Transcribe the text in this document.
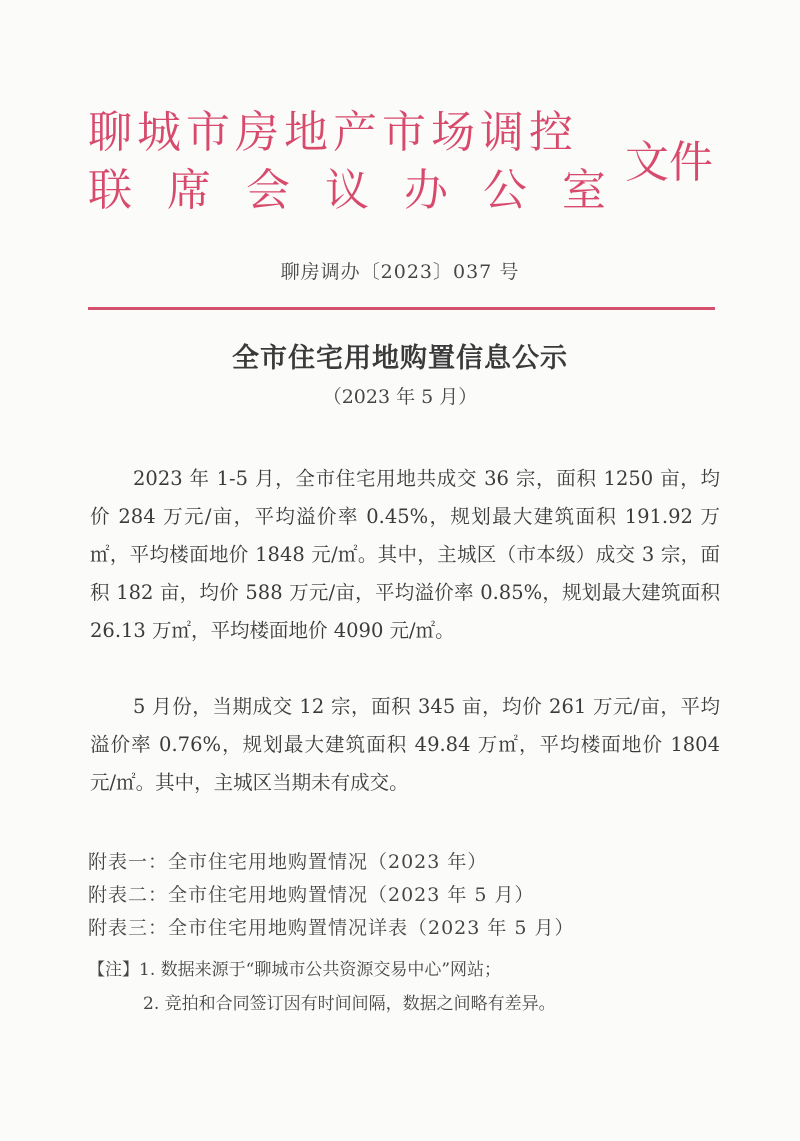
聊城市房地产市场调控
联席会议办公室
文件
聊房调办〔2023〕037 号
全市住宅用地购置信息公示
（2023 年 5 月）

2023 年 1-5 月，全市住宅用地共成交 36 宗，面积 1250 亩，均价 284 万元/亩，平均溢价率 0.45%，规划最大建筑面积 191.92 万㎡，平均楼面地价 1848 元/㎡。其中，主城区（市本级）成交 3 宗，面积 182 亩，均价 588 万元/亩，平均溢价率 0.85%，规划最大建筑面积 26.13 万㎡，平均楼面地价 4090 元/㎡。

5 月份，当期成交 12 宗，面积 345 亩，均价 261 万元/亩，平均溢价率 0.76%，规划最大建筑面积 49.84 万㎡，平均楼面地价 1804 元/㎡。其中，主城区当期未有成交。

附表一：全市住宅用地购置情况（2023 年）
附表二：全市住宅用地购置情况（2023 年 5 月）
附表三：全市住宅用地购置情况详表（2023 年 5 月）
【注】1. 数据来源于“聊城市公共资源交易中心”网站；
2. 竞拍和合同签订因有时间间隔，数据之间略有差异。
